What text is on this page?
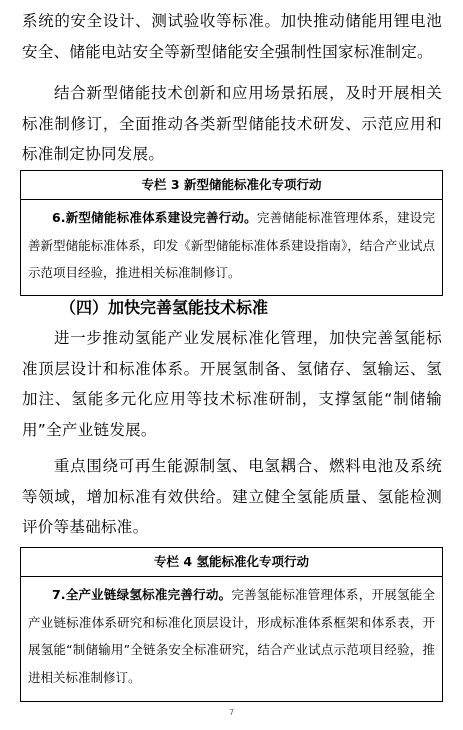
系统的安全设计、测试验收等标准。加快推动储能用锂电池安全、储能电站安全等新型储能安全强制性国家标准制定。

结合新型储能技术创新和应用场景拓展，及时开展相关标准制修订，全面推动各类新型储能技术研发、示范应用和标准制定协同发展。

专栏 3 新型储能标准化专项行动

6.新型储能标准体系建设完善行动。完善储能标准管理体系，建设完善新型储能标准体系，印发《新型储能标准体系建设指南》，结合产业试点示范项目经验，推进相关标准制修订。

（四）加快完善氢能技术标准

进一步推动氢能产业发展标准化管理，加快完善氢能标准顶层设计和标准体系。开展氢制备、氢储存、氢输运、氢加注、氢能多元化应用等技术标准研制，支撑氢能“制储输用”全产业链发展。

重点围绕可再生能源制氢、电氢耦合、燃料电池及系统等领域，增加标准有效供给。建立健全氢能质量、氢能检测评价等基础标准。

专栏 4 氢能标准化专项行动

7.全产业链绿氢标准完善行动。完善氢能标准管理体系，开展氢能全产业链标准体系研究和标准化顶层设计，形成标准体系框架和体系表，开展氢能“制储输用”全链条安全标准研究，结合产业试点示范项目经验，推进相关标准制修订。

7
